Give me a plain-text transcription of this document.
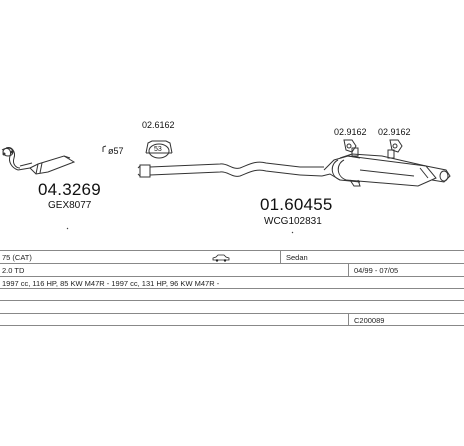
04.3269
GEX8077
ø57
02.6162
53
02.9162 02.9162
01.60455
WCG102831
75 (CAT)	Sedan
2.0 TD	04/99 - 07/05
1997 cc, 116 HP, 85 KW M47R - 1997 cc, 131 HP, 96 KW M47R -
C200089
